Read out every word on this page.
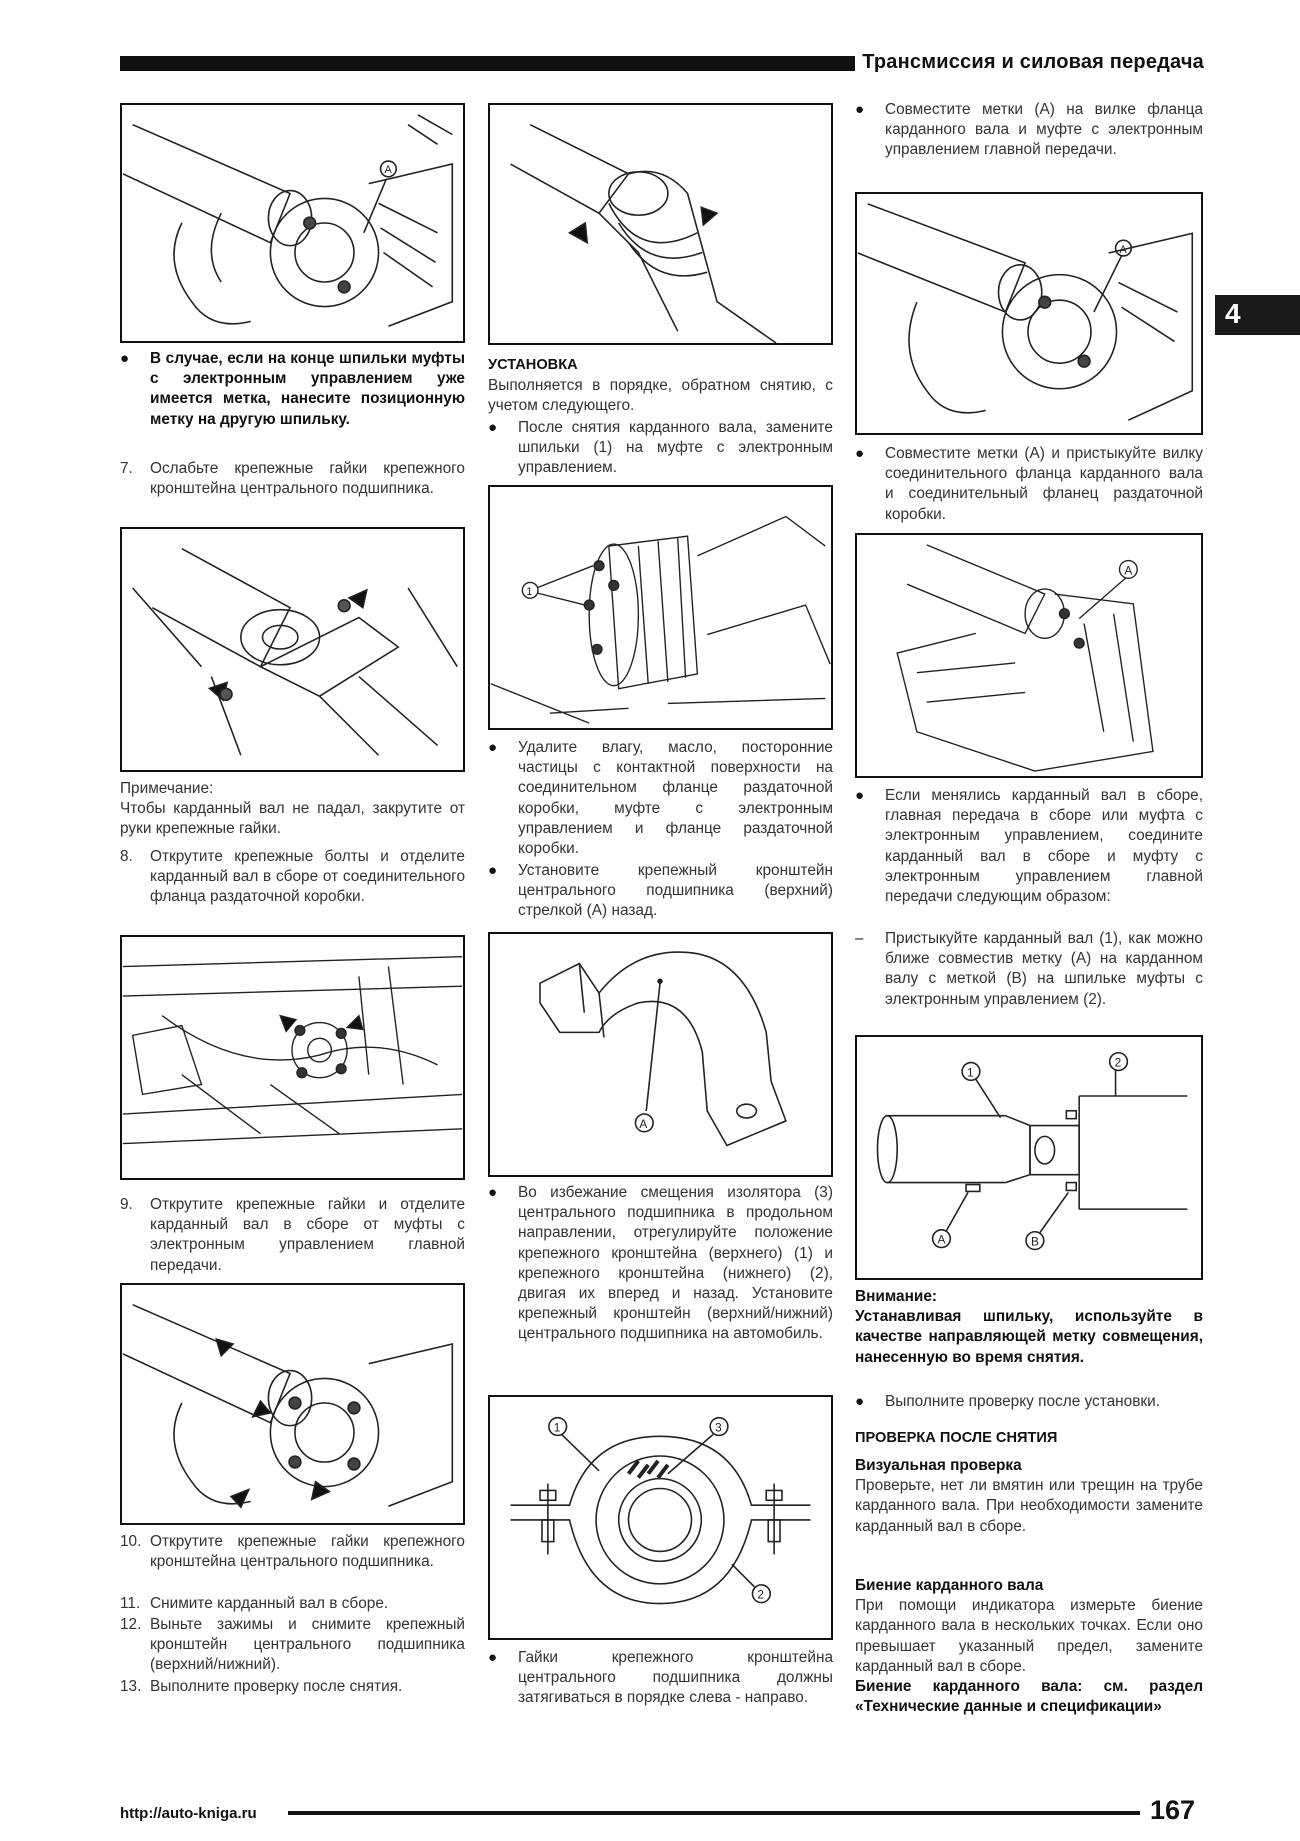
Трансмиссия и силовая передача
4
A
●	В случае, если на конце шпильки муфты с электронным управлением уже имеется метка, нанесите позиционную метку на другую шпильку.
7.	Ослабьте крепежные гайки крепежного кронштейна центрального подшипника.
Примечание:
Чтобы карданный вал не падал, закрутите от руки крепежные гайки.
8.	Открутите крепежные болты и отделите карданный вал в сборе от соединительного фланца раздаточной коробки.
9.	Открутите крепежные гайки и отделите карданный вал в сборе от муфты с электронным управлением главной передачи.
10. Открутите крепежные гайки крепежного кронштейна центрального подшипника.
11. Снимите карданный вал в сборе.
12. Выньте зажимы и снимите крепежный кронштейн центрального подшипника (верхний/нижний).
13. Выполните проверку после снятия.
УСТАНОВКА
Выполняется в порядке, обратном снятию, с учетом следующего.
●	После снятия карданного вала, замените шпильки (1) на муфте с электронным управлением.
1
●	Удалите влагу, масло, посторонние частицы с контактной поверхности на соединительном фланце раздаточной коробки, муфте с электронным управлением и фланце раздаточной коробки.
●	Установите крепежный кронштейн центрального подшипника (верхний) стрелкой (А) назад.
A
●	Во избежание смещения изолятора (3) центрального подшипника в продольном направлении, отрегулируйте положение крепежного кронштейна (верхнего) (1) и крепежного кронштейна (нижнего) (2), двигая их вперед и назад. Установите крепежный кронштейн (верхний/нижний) центрального подшипника на автомобиль.
1	3
2
●	Гайки крепежного кронштейна центрального подшипника должны затягиваться в порядке слева - направо.
●	Совместите метки (А) на вилке фланца карданного вала и муфте с электронным управлением главной передачи.
A
●	Совместите метки (А) и пристыкуйте вилку соединительного фланца карданного вала и соединительный фланец раздаточной коробки.
A
●	Если менялись карданный вал в сборе, главная передача в сборе или муфта с электронным управлением, соедините карданный вал в сборе и муфту с электронным управлением главной передачи следующим образом:
–	Пристыкуйте карданный вал (1), как можно ближе совместив метку (А) на карданном валу с меткой (В) на шпильке муфты с электронным управлением (2).
1
2
A	B
Внимание:
Устанавливая шпильку, используйте в качестве направляющей метку совмещения, нанесенную во время снятия.
●	Выполните проверку после установки.
ПРОВЕРКА ПОСЛЕ СНЯТИЯ
Визуальная проверка
Проверьте, нет ли вмятин или трещин на трубе карданного вала. При необходимости замените карданный вал в сборе.
Биение карданного вала
При помощи индикатора измерьте биение карданного вала в нескольких точках. Если оно превышает указанный предел, замените карданный вал в сборе.
Биение карданного вала: см. раздел «Технические данные и спецификации»
http://auto-kniga.ru	167
